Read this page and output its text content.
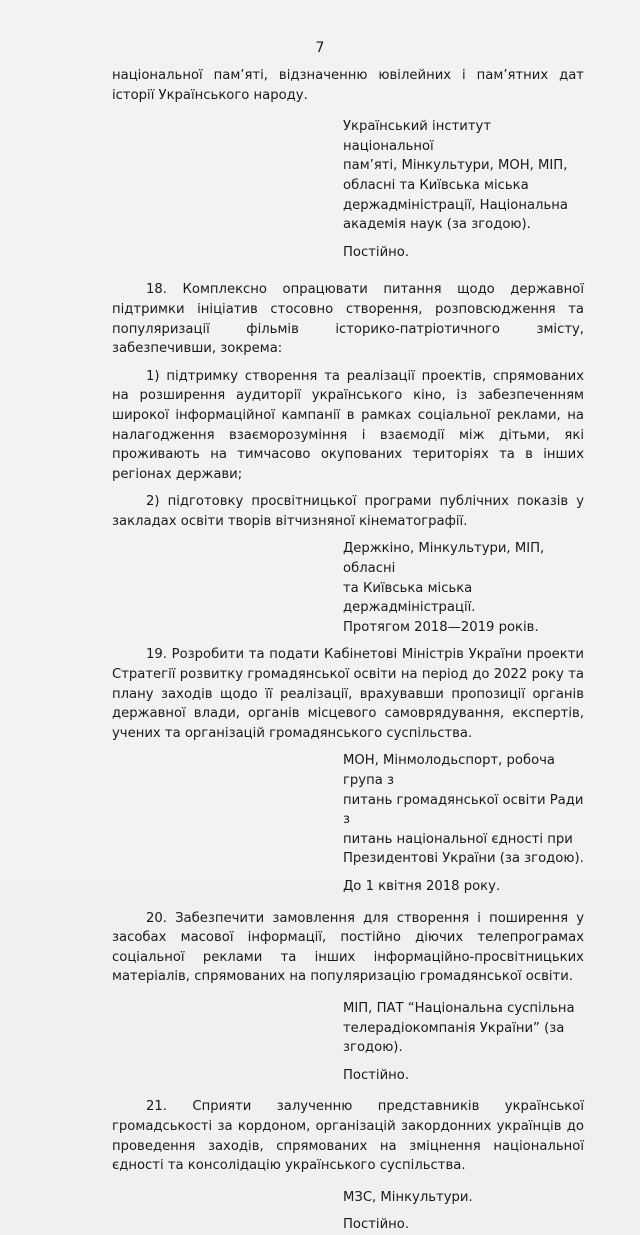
7

національної пам’яті, відзначенню ювілейних і пам’ятних дат історії Українського народу.

Український інститут національної
пам’яті, Мінкультури, МОН, МІП,
обласні та Київська міська
держадміністрації, Національна
академія наук (за згодою).
Постійно.

18. Комплексно опрацювати питання щодо державної підтримки ініціатив стосовно створення, розповсюдження та популяризації фільмів історико-патріотичного змісту, забезпечивши, зокрема:

1) підтримку створення та реалізації проектів, спрямованих на розширення аудиторії українського кіно, із забезпеченням широкої інформаційної кампанії в рамках соціальної реклами, на налагодження взаєморозуміння і взаємодії між дітьми, які проживають на тимчасово окупованих територіях та в інших регіонах держави;

2) підготовку просвітницької програми публічних показів у закладах освіти творів вітчизняної кінематографії.

Держкіно, Мінкультури, МІП, обласні
та Київська міська держадміністрації.
Протягом 2018—2019 років.

19. Розробити та подати Кабінетові Міністрів України проекти Стратегії розвитку громадянської освіти на період до 2022 року та плану заходів щодо її реалізації, врахувавши пропозиції органів державної влади, органів місцевого самоврядування, експертів, учених та організацій громадянського суспільства.

МОН, Мінмолодьспорт, робоча група з
питань громадянської освіти Ради з
питань національної єдності при
Президентові України (за згодою).
До 1 квітня 2018 року.

20. Забезпечити замовлення для створення і поширення у засобах масової інформації, постійно діючих телепрограмах соціальної реклами та інших інформаційно-просвітницьких матеріалів, спрямованих на популяризацію громадянської освіти.

МІП, ПАТ “Національна суспільна
телерадіокомпанія України” (за згодою).
Постійно.

21. Сприяти залученню представників української громадськості за кордоном, організацій закордонних українців до проведення заходів, спрямованих на зміцнення національної єдності та консолідацію українського суспільства.

МЗС, Мінкультури.
Постійно.
